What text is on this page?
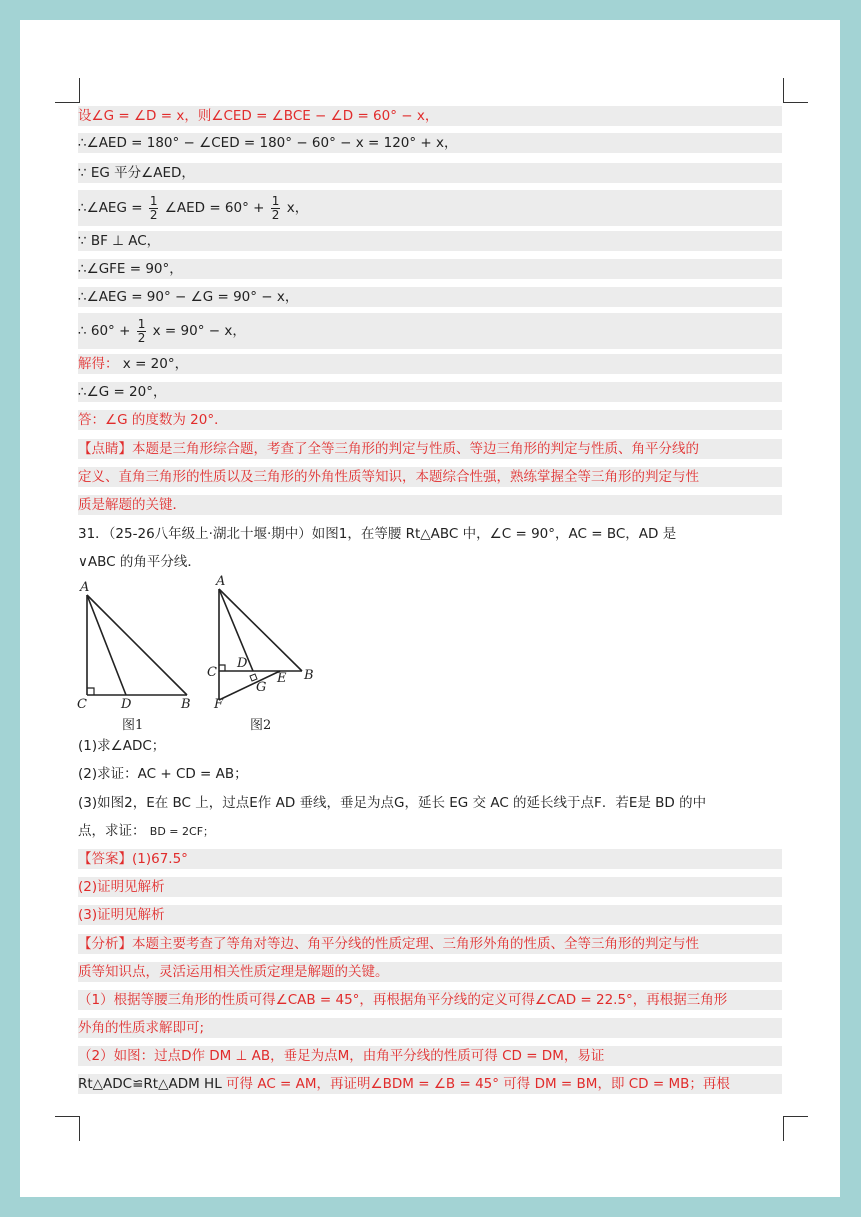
设∠G = ∠D = x，则∠CED = ∠BCE − ∠D = 60° − x，
∴∠AED = 180° − ∠CED = 180° − 60° − x = 120° + x，
∵ EG 平分∠AED，
∴∠AEG = $\frac{1}{2}$ ∠AED = $60^\circ + \frac{1}{2}$ x，
∵ BF ⊥ AC，
∴∠GFE = 90°，
∴∠AEG = 90° − ∠G = 90° − x，
∴ $60^\circ + \frac{1}{2}$ x = 90° − x，
解得： x = 20°，
∴∠G = 20°，
答：∠G 的度数为 20°．
【点睛】本题是三角形综合题，考查了全等三角形的判定与性质、等边三角形的判定与性质、角平分线的
定义、直角三角形的性质以及三角形的外角性质等知识，本题综合性强，熟练掌握全等三角形的判定与性
质是解题的关键．
31．（25-26八年级上·湖北十堰·期中）如图1，在等腰 Rt△ABC 中，∠C = 90°，AC = BC，AD 是
∨ABC 的角平分线．
A
C	D	B
图1
A
C
D
G
E B
F
图2
(1)求∠ADC；
(2)求证：AC + CD = AB；
(3)如图2，E在 BC 上，过点E作 AD 垂线，垂足为点G，延长 EG 交 AC 的延长线于点F．若E是 BD 的中
点，求证： BD = 2CF；
【答案】(1)67.5°
(2)证明见解析
(3)证明见解析
【分析】本题主要考查了等角对等边、角平分线的性质定理、三角形外角的性质、全等三角形的判定与性
质等知识点，灵活运用相关性质定理是解题的关键。
（1）根据等腰三角形的性质可得∠CAB = 45°，再根据角平分线的定义可得∠CAD = 22.5°，再根据三角形
外角的性质求解即可;
（2）如图：过点D作 DM ⊥ AB，垂足为点M，由角平分线的性质可得 CD = DM，易证
Rt△ADC≌Rt△ADM HL 可得 AC = AM，再证明∠BDM = ∠B = 45° 可得 DM = BM，即 CD = MB；再根
